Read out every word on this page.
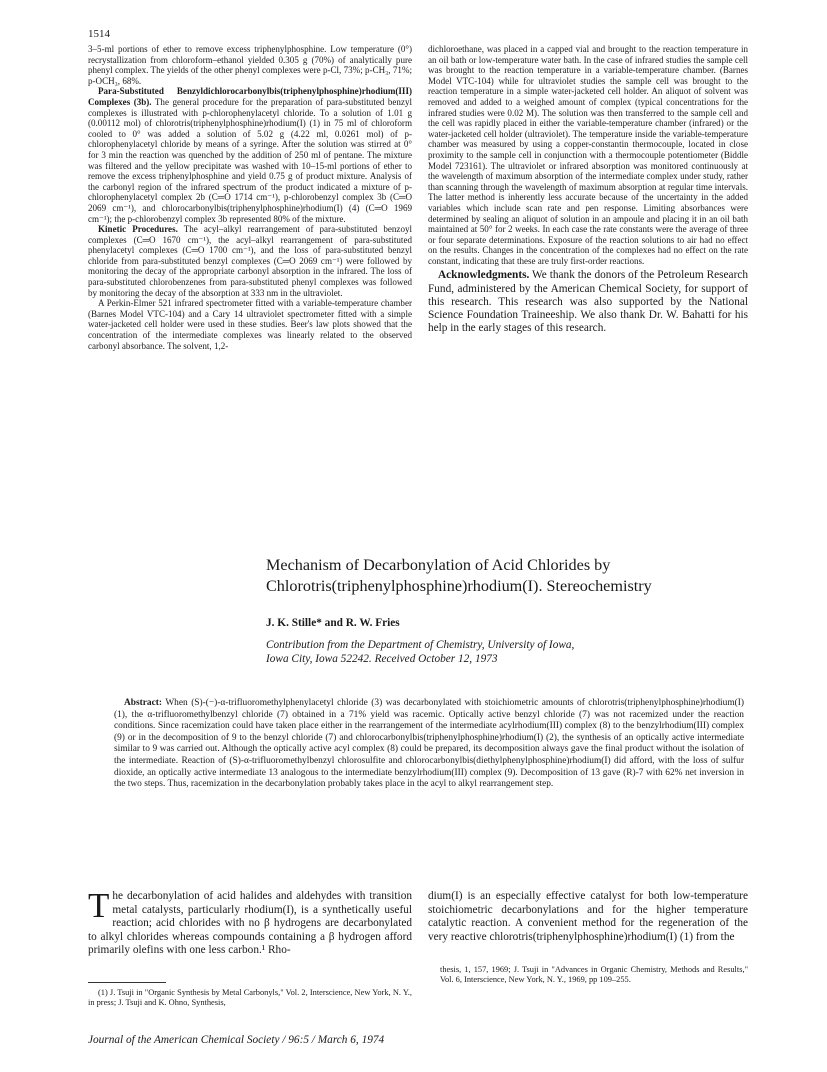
1514

3–5-ml portions of ether to remove excess triphenylphosphine. Low temperature (0°) recrystallization from chloroform–ethanol yielded 0.305 g (70%) of analytically pure phenyl complex. The yields of the other phenyl complexes were p-Cl, 73%; p-CH₃, 71%; p-OCH₃, 68%.

Para-Substituted Benzyldichlorocarbonylbis(triphenylphosphine)rhodium(III) Complexes (3b). The general procedure for the preparation of para-substituted benzyl complexes is illustrated with p-chlorophenylacetyl chloride. To a solution of 1.01 g (0.00112 mol) of chlorotris(triphenylphosphine)rhodium(I) (1) in 75 ml of chloroform cooled to 0° was added a solution of 5.02 g (4.22 ml, 0.0261 mol) of p-chlorophenylacetyl chloride by means of a syringe. After the solution was stirred at 0° for 3 min the reaction was quenched by the addition of 250 ml of pentane. The mixture was filtered and the yellow precipitate was washed with 10–15-ml portions of ether to remove the excess triphenylphosphine and yield 0.75 g of product mixture. Analysis of the carbonyl region of the infrared spectrum of the product indicated a mixture of p-chlorophenylacetyl complex 2b (C═O 1714 cm⁻¹), p-chlorobenzyl complex 3b (C═O 2069 cm⁻¹), and chlorocarbonylbis(triphenylphosphine)rhodium(I) (4) (C═O 1969 cm⁻¹); the p-chlorobenzyl complex 3b represented 80% of the mixture.

Kinetic Procedures. The acyl–alkyl rearrangement of para-substituted benzoyl complexes (C═O 1670 cm⁻¹), the acyl–alkyl rearrangement of para-substituted phenylacetyl complexes (C═O 1700 cm⁻¹), and the loss of para-substituted benzyl chloride from para-substituted benzyl complexes (C═O 2069 cm⁻¹) were followed by monitoring the decay of the appropriate carbonyl absorption in the infrared. The loss of para-substituted chlorobenzenes from para-substituted phenyl complexes was followed by monitoring the decay of the absorption at 333 nm in the ultraviolet.

A Perkin-Elmer 521 infrared spectrometer fitted with a variable-temperature chamber (Barnes Model VTC-104) and a Cary 14 ultraviolet spectrometer fitted with a simple water-jacketed cell holder were used in these studies. Beer's law plots showed that the concentration of the intermediate complexes was linearly related to the observed carbonyl absorbance. The solvent, 1,2-

dichloroethane, was placed in a capped vial and brought to the reaction temperature in an oil bath or low-temperature water bath. In the case of infrared studies the sample cell was brought to the reaction temperature in a variable-temperature chamber. (Barnes Model VTC-104) while for ultraviolet studies the sample cell was brought to the reaction temperature in a simple water-jacketed cell holder. An aliquot of solvent was removed and added to a weighed amount of complex (typical concentrations for the infrared studies were 0.02 M). The solution was then transferred to the sample cell and the cell was rapidly placed in either the variable-temperature chamber (infrared) or the water-jacketed cell holder (ultraviolet). The temperature inside the variable-temperature chamber was measured by using a copper-constantin thermocouple, located in close proximity to the sample cell in conjunction with a thermocouple potentiometer (Biddle Model 723161). The ultraviolet or infrared absorption was monitored continuously at the wavelength of maximum absorption of the intermediate complex under study, rather than scanning through the wavelength of maximum absorption at regular time intervals. The latter method is inherently less accurate because of the uncertainty in the added variables which include scan rate and pen response. Limiting absorbances were determined by sealing an aliquot of solution in an ampoule and placing it in an oil bath maintained at 50° for 2 weeks. In each case the rate constants were the average of three or four separate determinations. Exposure of the reaction solutions to air had no effect on the results. Changes in the concentration of the complexes had no effect on the rate constant, indicating that these are truly first-order reactions.

Acknowledgments. We thank the donors of the Petroleum Research Fund, administered by the American Chemical Society, for support of this research. This research was also supported by the National Science Foundation Traineeship. We also thank Dr. W. Bahatti for his help in the early stages of this research.

Mechanism of Decarbonylation of Acid Chlorides by
Chlorotris(triphenylphosphine)rhodium(I). Stereochemistry
J. K. Stille* and R. W. Fries
Contribution from the Department of Chemistry, University of Iowa,
Iowa City, Iowa 52242. Received October 12, 1973

Abstract: When (S)-(−)-α-trifluoromethylphenylacetyl chloride (3) was decarbonylated with stoichiometric amounts of chlorotris(triphenylphosphine)rhodium(I) (1), the α-trifluoromethylbenzyl chloride (7) obtained in a 71% yield was racemic. Optically active benzyl chloride (7) was not racemized under the reaction conditions. Since racemization could have taken place either in the rearrangement of the intermediate acylrhodium(III) complex (8) to the benzylrhodium(III) complex (9) or in the decomposition of 9 to the benzyl chloride (7) and chlorocarbonylbis(triphenylphosphine)rhodium(I) (2), the synthesis of an optically active intermediate similar to 9 was carried out. Although the optically active acyl complex (8) could be prepared, its decomposition always gave the final product without the isolation of the intermediate. Reaction of (S)-α-trifluoromethylbenzyl chlorosulfite and chlorocarbonylbis(diethylphenylphosphine)rhodium(I) did afford, with the loss of sulfur dioxide, an optically active intermediate 13 analogous to the intermediate benzylrhodium(III) complex (9). Decomposition of 13 gave (R)-7 with 62% net inversion in the two steps. Thus, racemization in the decarbonylation probably takes place in the acyl to alkyl rearrangement step.

The decarbonylation of acid halides and aldehydes with transition metal catalysts, particularly rhodium(I), is a synthetically useful reaction; acid chlorides with no β hydrogens are decarbonylated to alkyl chlorides whereas compounds containing a β hydrogen afford primarily olefins with one less carbon.¹ Rho-
dium(I) is an especially effective catalyst for both low-temperature stoichiometric decarbonylations and for the higher temperature catalytic reaction. A convenient method for the regeneration of the very reactive chlorotris(triphenylphosphine)rhodium(I) (1) from the

(1) J. Tsuji in "Organic Synthesis by Metal Carbonyls," Vol. 2, Interscience, New York, N. Y., in press; J. Tsuji and K. Ohno, Synthesis,

thesis, 1, 157, 1969; J. Tsuji in "Advances in Organic Chemistry, Methods and Results," Vol. 6, Interscience, New York, N. Y., 1969, pp 109–255.
Journal of the American Chemical Society / 96:5 / March 6, 1974
